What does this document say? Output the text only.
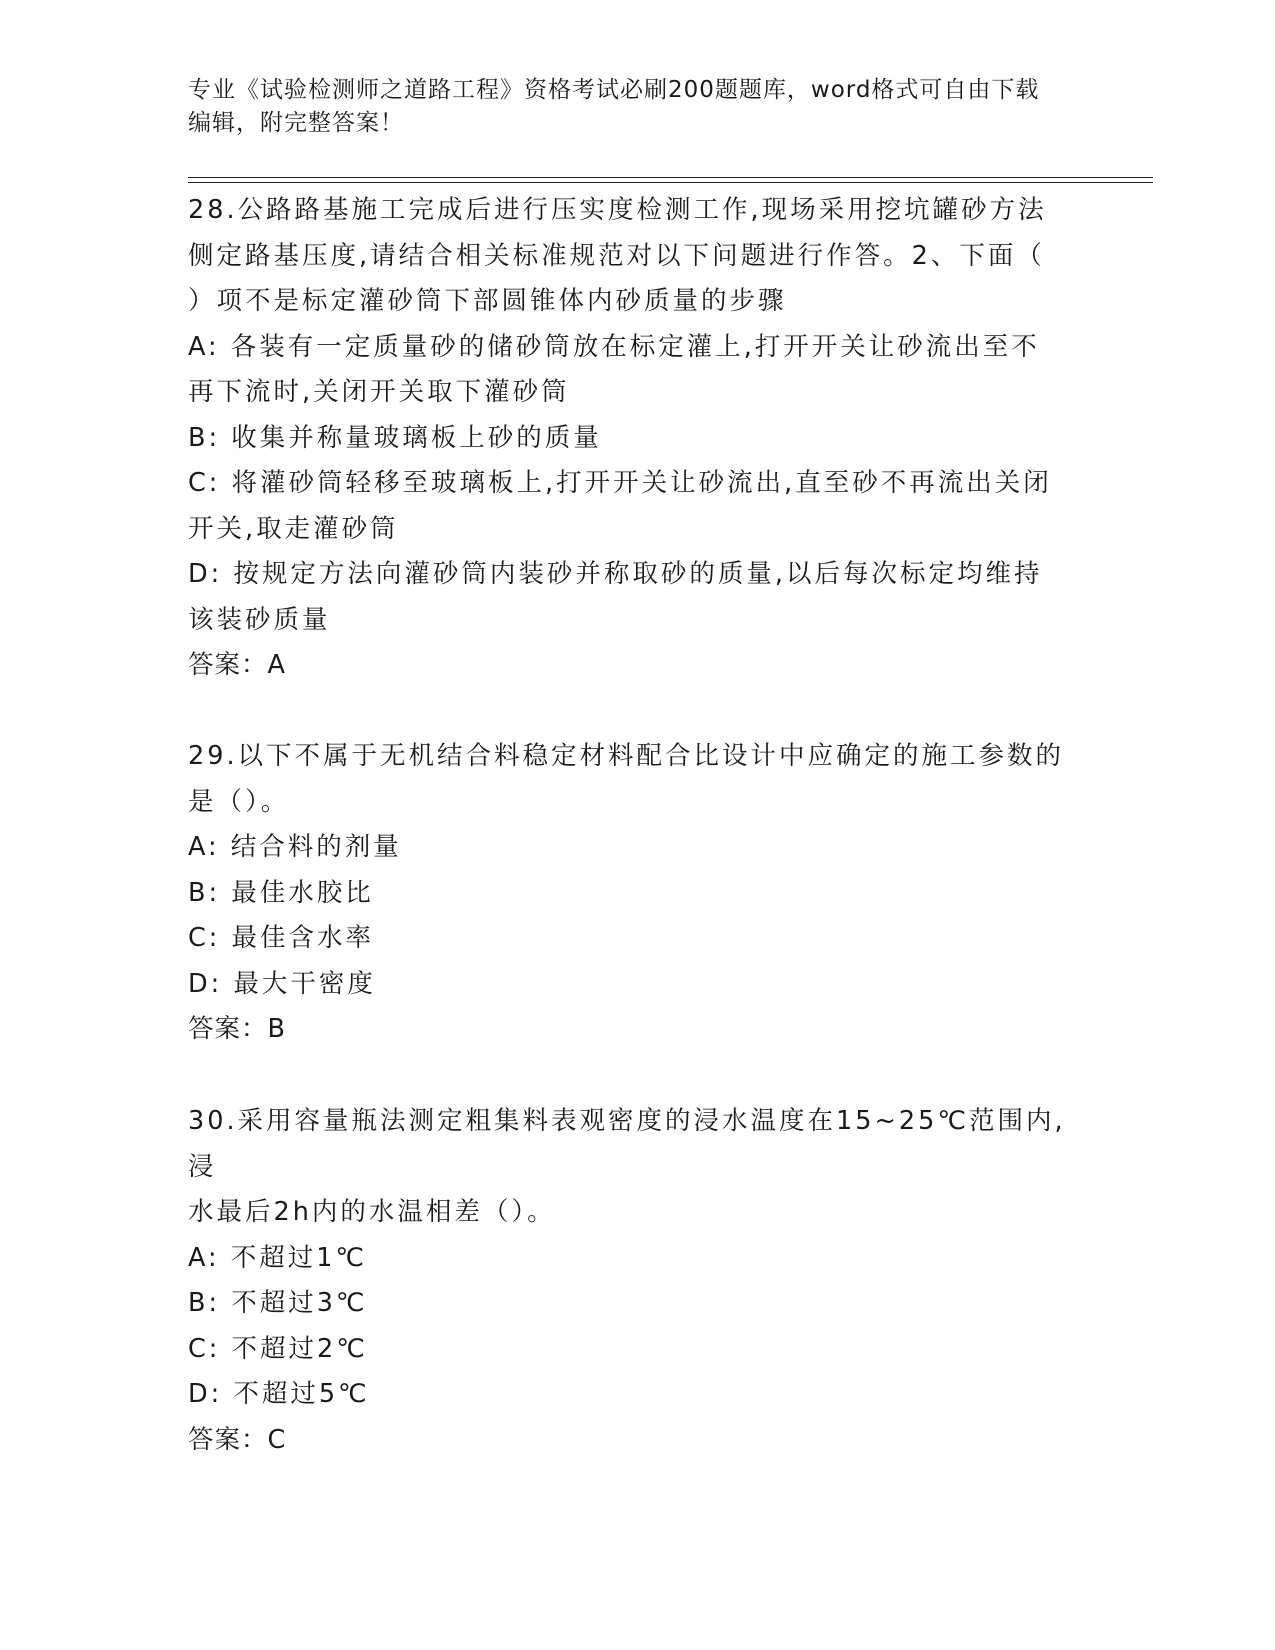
专业《试验检测师之道路工程》资格考试必刷200题题库，word格式可自由下载
编辑，附完整答案！

28.公路路基施工完成后进行压实度检测工作,现场采用挖坑罐砂方法

侧定路基压度,请结合相关标准规范对以下问题进行作答。2、下面（

）项不是标定灌砂筒下部圆锥体内砂质量的步骤

A: 各装有一定质量砂的储砂筒放在标定灌上,打开开关让砂流出至不

再下流时,关闭开关取下灌砂筒

B: 收集并称量玻璃板上砂的质量

C: 将灌砂筒轻移至玻璃板上,打开开关让砂流出,直至砂不再流出关闭

开关,取走灌砂筒

D: 按规定方法向灌砂筒内装砂并称取砂的质量,以后每次标定均维持

该装砂质量

答案：A

29.以下不属于无机结合料稳定材料配合比设计中应确定的施工参数的

是（）。

A: 结合料的剂量

B: 最佳水胶比

C: 最佳含水率

D: 最大干密度

答案：B

30.采用容量瓶法测定粗集料表观密度的浸水温度在15~25℃范围内,浸

水最后2h内的水温相差（）。

A: 不超过1℃

B: 不超过3℃

C: 不超过2℃

D: 不超过5℃

答案：C
